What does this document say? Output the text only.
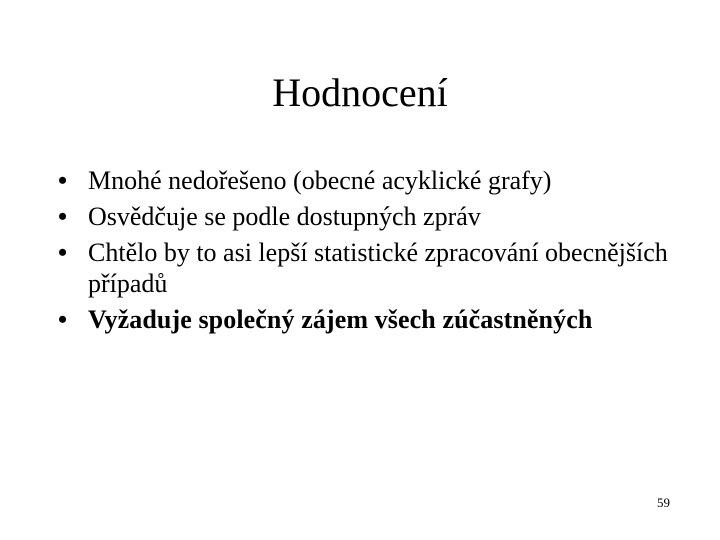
Hodnocení
• Mnohé nedořešeno (obecné acyklické grafy)
• Osvědčuje se podle dostupných zpráv
• Chtělo by to asi lepší statistické zpracování obecnějších případů
• Vyžaduje společný zájem všech zúčastněných
59
